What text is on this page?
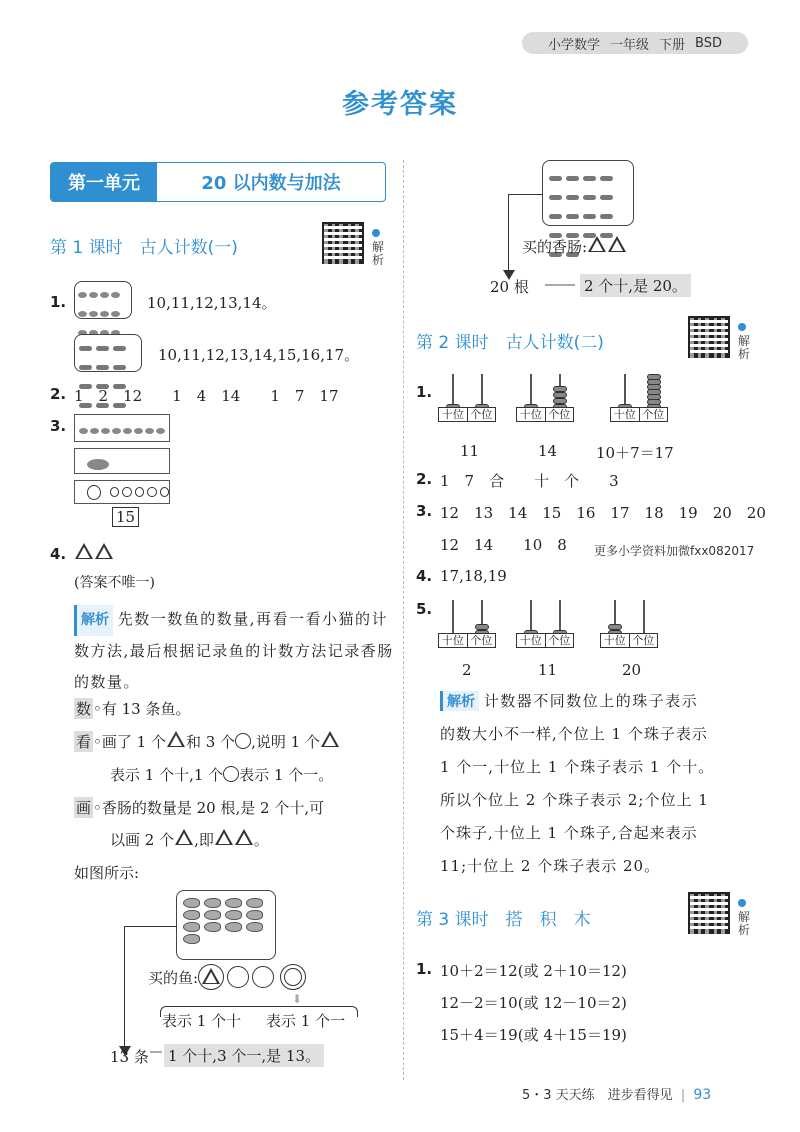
小学数学 一年级 下册 BSD
参考答案
第一单元	20 以内数与加法
第 1 课时　古人计数(一)	解析
1.	10,11,12,13,14。
10,11,12,13,14,15,16,17。
2. 1　2　12　　1　4　14　　1　7　17
3.
15
4.
(答案不唯一)
解析 先数一数鱼的数量,再看一看小猫的计数方法,最后根据记录鱼的计数方法记录香肠的数量。
数 ◦有 13 条鱼。
看 ◦画了 1 个 和 3 个 ,说明 1 个
表示 1 个十,1 个 表示 1 个一。
画 ◦香肠的数量是 20 根,是 2 个十,可
以画 2 个 ,即	。
如图所示:
买的鱼:
⬇
表示 1 个十 表示 1 个一
13 条 1 个十,3 个一,是 13。
买的香肠:
20 根	2 个十,是 20。
第 2 课时　古人计数(二)	解析
1.
十位 个位
11
十位 个位
14
十位 个位
10＋7＝17
2. 1　7　合　　十　个　　3
3. 12　13　14　15　16　17　18　19　20　20
12　14　　10　8 更多小学资料加微fxx082017
4. 17,18,19
5.
十位 个位
2
十位 个位
11
十位 个位
20
解析 计数器不同数位上的珠子表示
的数大小不一样,个位上 1 个珠子表示
1 个一,十位上 1 个珠子表示 1 个十。
所以个位上 2 个珠子表示 2;个位上 1
个珠子,十位上 1 个珠子,合起来表示
11;十位上 2 个珠子表示 20。
第 3 课时　搭　积　木	解析
1. 10＋2＝12(或 2＋10＝12)
12－2＝10(或 12－10＝2)
15＋4＝19(或 4＋15＝19)
5・3 天天练　进步看得见 | 93
